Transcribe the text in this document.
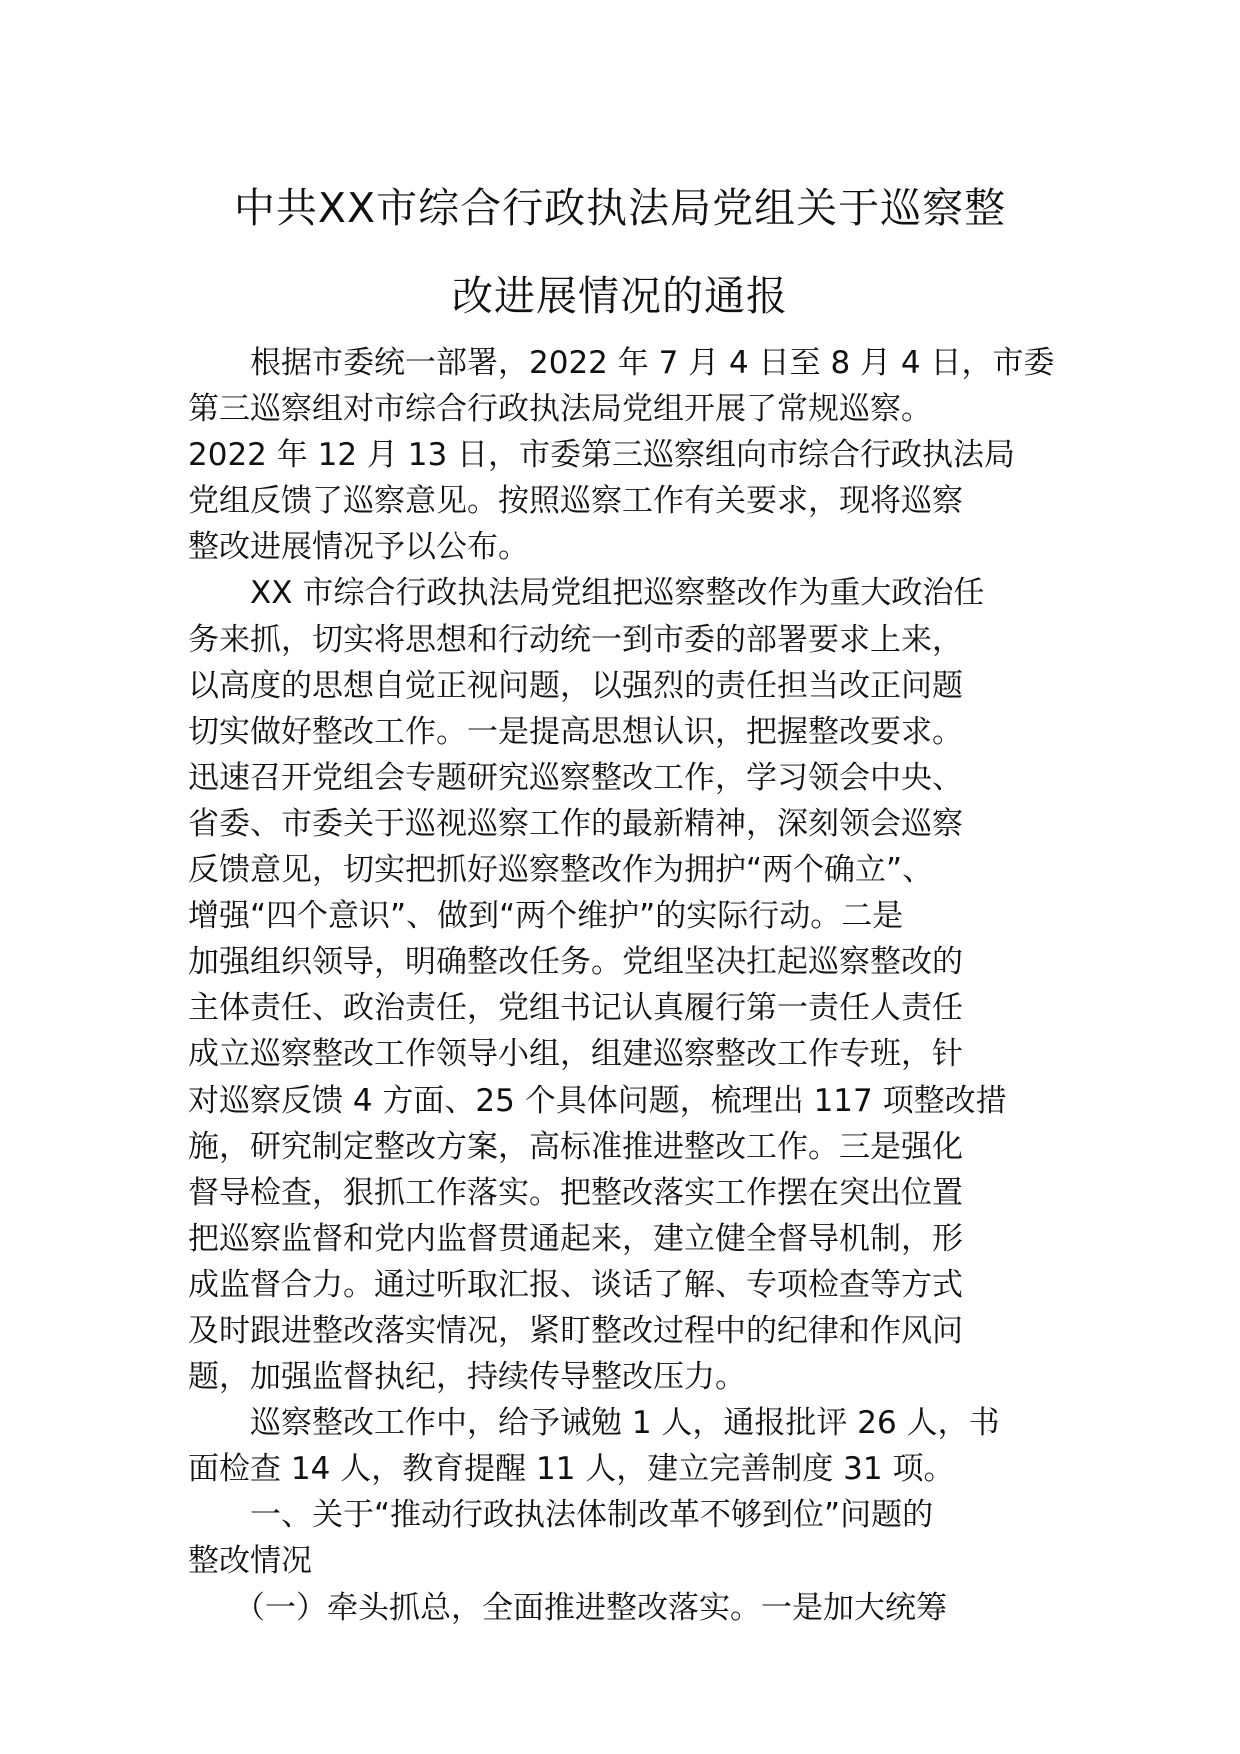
中共XX市综合行政执法局党组关于巡察整
改进展情况的通报
根据市委统一部署，2022 年 7 月 4 日至 8 月 4 日，市委
第三巡察组对市综合行政执法局党组开展了常规巡察。
2022 年 12 月 13 日，市委第三巡察组向市综合行政执法局
党组反馈了巡察意见。按照巡察工作有关要求，现将巡察
整改进展情况予以公布。
XX 市综合行政执法局党组把巡察整改作为重大政治任
务来抓，切实将思想和行动统一到市委的部署要求上来，
以高度的思想自觉正视问题，以强烈的责任担当改正问题
切实做好整改工作。一是提高思想认识，把握整改要求。
迅速召开党组会专题研究巡察整改工作，学习领会中央、
省委、市委关于巡视巡察工作的最新精神，深刻领会巡察
反馈意见，切实把抓好巡察整改作为拥护“两个确立”、
增强“四个意识”、做到“两个维护”的实际行动。二是
加强组织领导，明确整改任务。党组坚决扛起巡察整改的
主体责任、政治责任，党组书记认真履行第一责任人责任
成立巡察整改工作领导小组，组建巡察整改工作专班，针
对巡察反馈 4 方面、25 个具体问题，梳理出 117 项整改措
施，研究制定整改方案，高标准推进整改工作。三是强化
督导检查，狠抓工作落实。把整改落实工作摆在突出位置
把巡察监督和党内监督贯通起来，建立健全督导机制，形
成监督合力。通过听取汇报、谈话了解、专项检查等方式
及时跟进整改落实情况，紧盯整改过程中的纪律和作风问
题，加强监督执纪，持续传导整改压力。
巡察整改工作中，给予诫勉 1 人，通报批评 26 人，书
面检查 14 人，教育提醒 11 人，建立完善制度 31 项。
一、关于“推动行政执法体制改革不够到位”问题的
整改情况
（一）牵头抓总，全面推进整改落实。一是加大统筹
